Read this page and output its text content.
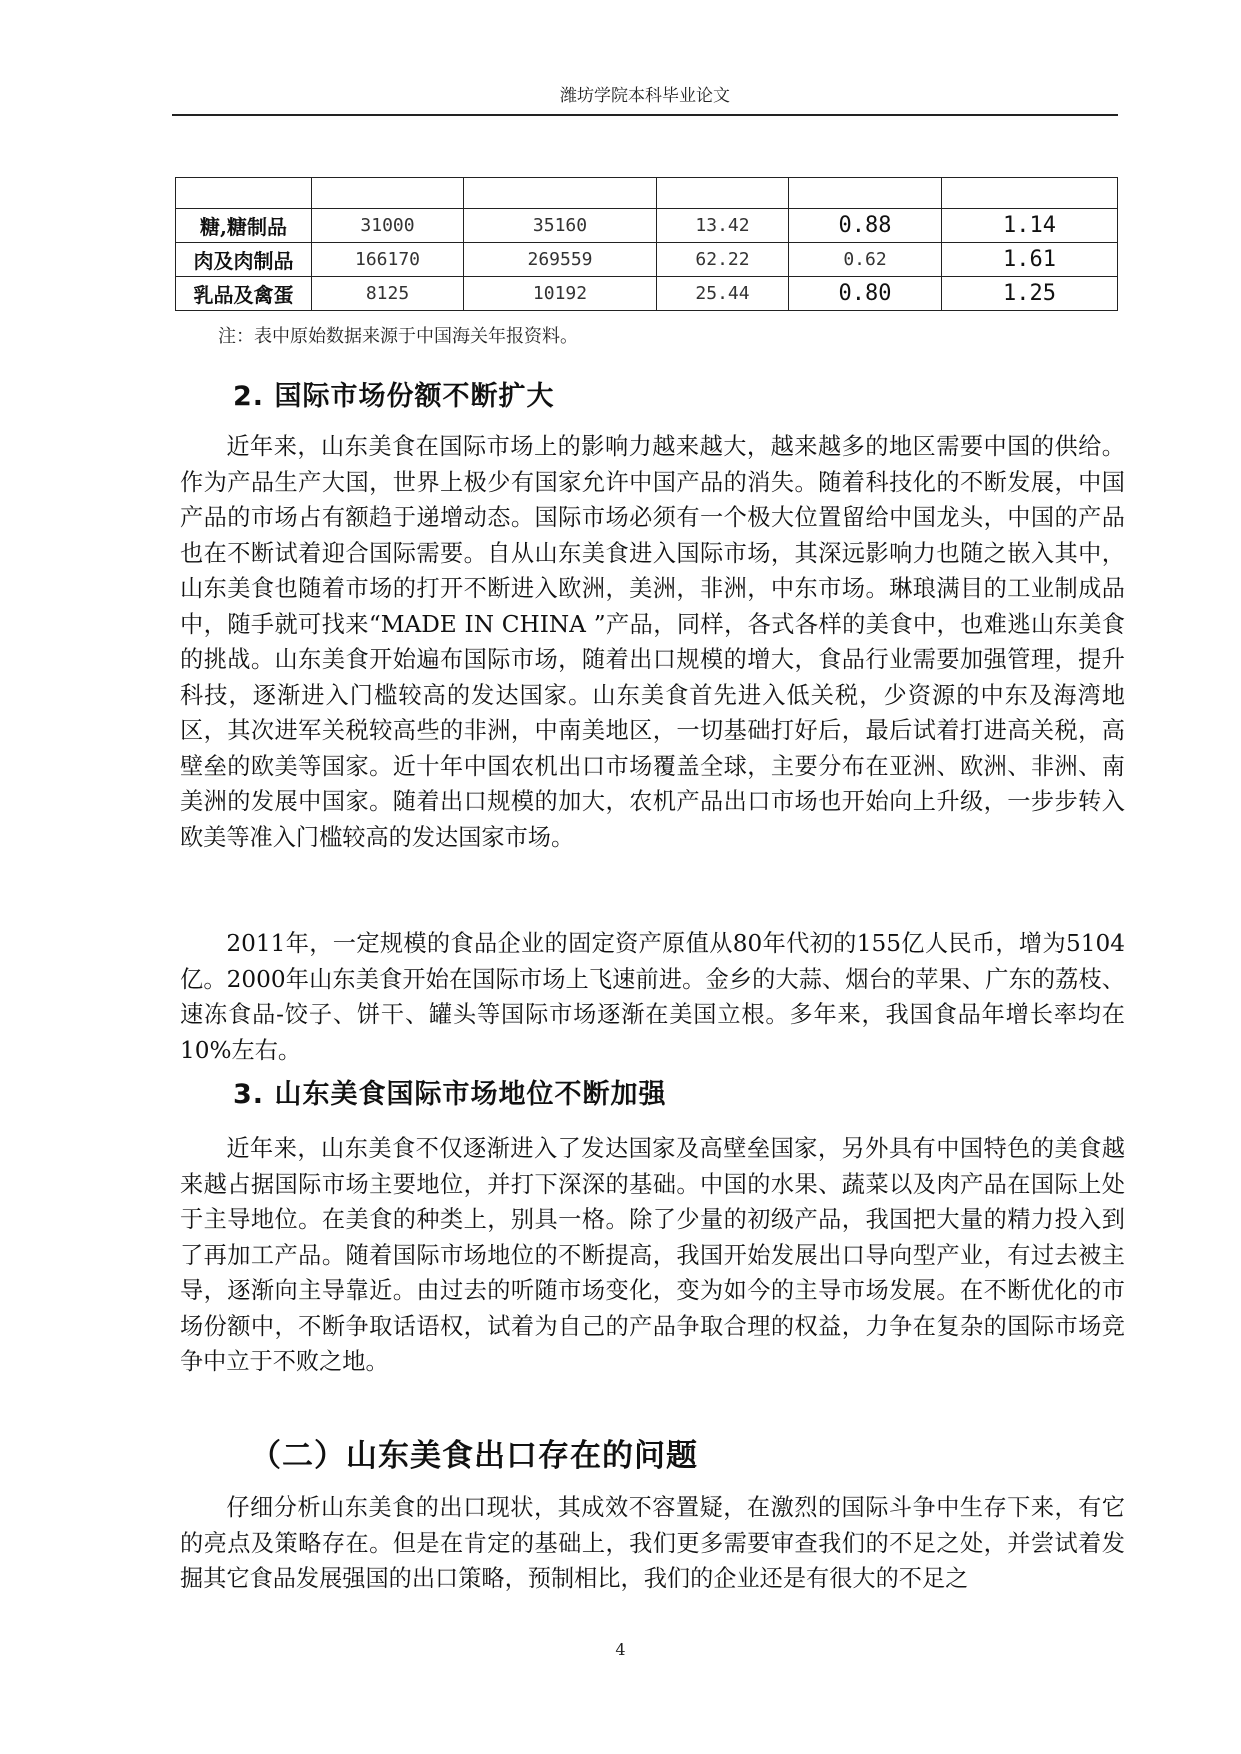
潍坊学院本科毕业论文

糖,糖制品	31000	35160	13.42	0.88	1.14
肉及肉制品	166170	269559	62.22	0.62	1.61
乳品及禽蛋	8125	10192	25.44	0.80	1.25
注：表中原始数据来源于中国海关年报资料。
2. 国际市场份额不断扩大

近年来，山东美食在国际市场上的影响力越来越大，越来越多的地区需要中国的供给。作为产品生产大国，世界上极少有国家允许中国产品的消失。随着科技化的不断发展，中国产品的市场占有额趋于递增动态。国际市场必须有一个极大位置留给中国龙头，中国的产品也在不断试着迎合国际需要。自从山东美食进入国际市场，其深远影响力也随之嵌入其中，山东美食也随着市场的打开不断进入欧洲，美洲，非洲，中东市场。琳琅满目的工业制成品中，随手就可找来“MADE IN CHINA ”产品，同样，各式各样的美食中，也难逃山东美食的挑战。山东美食开始遍布国际市场，随着出口规模的增大，食品行业需要加强管理，提升科技，逐渐进入门槛较高的发达国家。山东美食首先进入低关税，少资源的中东及海湾地区，其次进军关税较高些的非洲，中南美地区，一切基础打好后，最后试着打进高关税，高壁垒的欧美等国家。近十年中国农机出口市场覆盖全球，主要分布在亚洲、欧洲、非洲、南美洲的发展中国家。随着出口规模的加大，农机产品出口市场也开始向上升级，一步步转入欧美等准入门槛较高的发达国家市场。

2011年，一定规模的食品企业的固定资产原值从80年代初的155亿人民币，增为5104亿。2000年山东美食开始在国际市场上飞速前进。金乡的大蒜、烟台的苹果、广东的荔枝、速冻食品-饺子、饼干、罐头等国际市场逐渐在美国立根。多年来，我国食品年增长率均在10%左右。

3. 山东美食国际市场地位不断加强

近年来，山东美食不仅逐渐进入了发达国家及高壁垒国家，另外具有中国特色的美食越来越占据国际市场主要地位，并打下深深的基础。中国的水果、蔬菜以及肉产品在国际上处于主导地位。在美食的种类上，别具一格。除了少量的初级产品，我国把大量的精力投入到了再加工产品。随着国际市场地位的不断提高，我国开始发展出口导向型产业，有过去被主导，逐渐向主导靠近。由过去的听随市场变化，变为如今的主导市场发展。在不断优化的市场份额中，不断争取话语权，试着为自己的产品争取合理的权益，力争在复杂的国际市场竞争中立于不败之地。

（二）山东美食出口存在的问题

仔细分析山东美食的出口现状，其成效不容置疑，在激烈的国际斗争中生存下来，有它的亮点及策略存在。但是在肯定的基础上，我们更多需要审查我们的不足之处，并尝试着发掘其它食品发展强国的出口策略，预制相比，我们的企业还是有很大的不足之

4
